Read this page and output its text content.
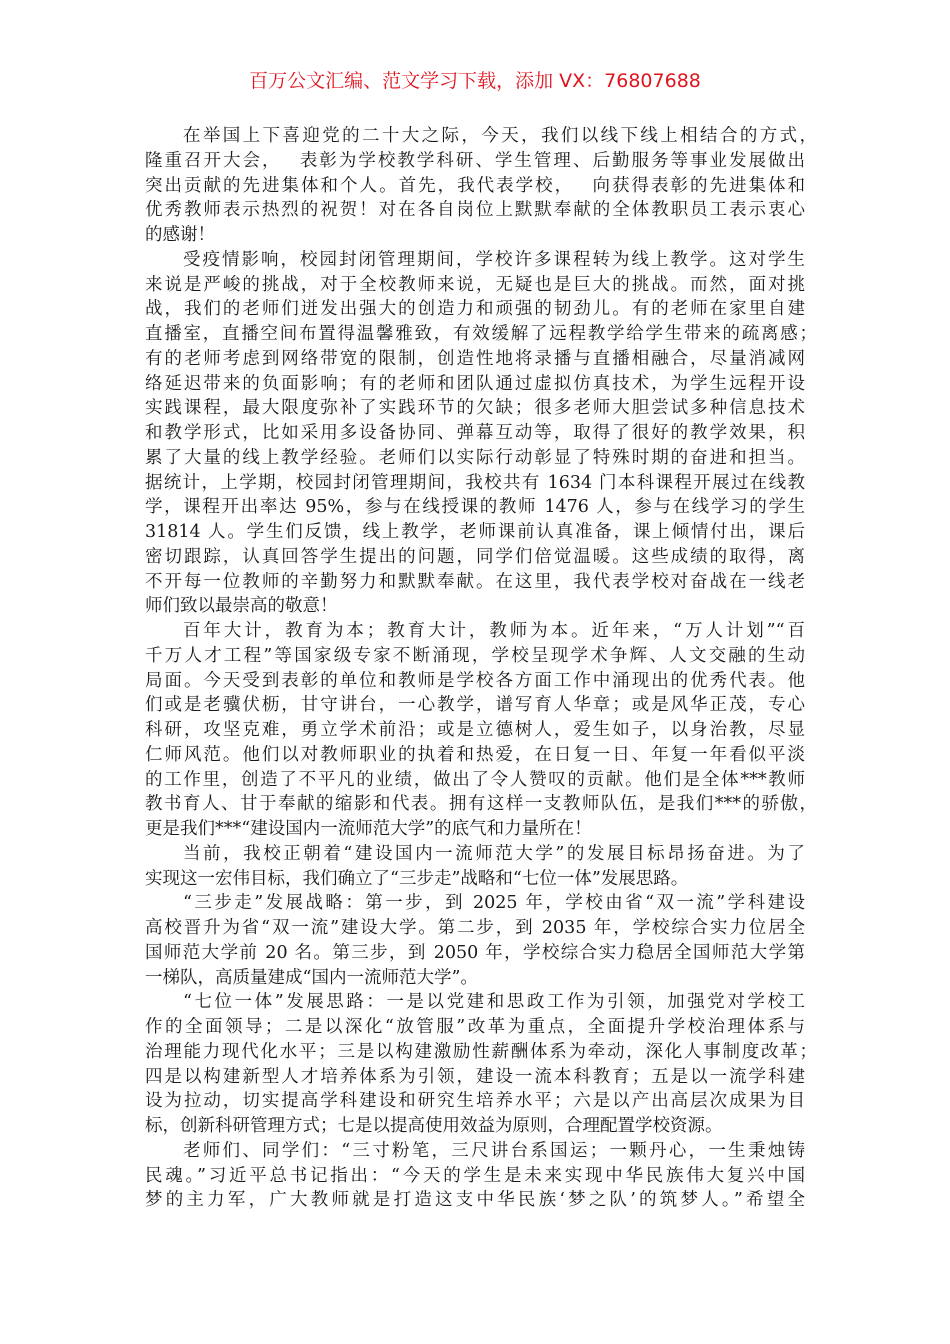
百万公文汇编、范文学习下载，添加 VX：76807688
在举国上下喜迎党的二十大之际，今天，我们以线下线上相结合的方式，
隆重召开大会，　 表彰为学校教学科研、学生管理、后勤服务等事业发展做出
突出贡献的先进集体和个人。首先，我代表学校，　 向获得表彰的先进集体和
优秀教师表示热烈的祝贺！对在各自岗位上默默奉献的全体教职员工表示衷心
的感谢！
受疫情影响，校园封闭管理期间，学校许多课程转为线上教学。这对学生
来说是严峻的挑战，对于全校教师来说，无疑也是巨大的挑战。而然，面对挑
战，我们的老师们迸发出强大的创造力和顽强的韧劲儿。有的老师在家里自建
直播室，直播空间布置得温馨雅致，有效缓解了远程教学给学生带来的疏离感；
有的老师考虑到网络带宽的限制，创造性地将录播与直播相融合，尽量消减网
络延迟带来的负面影响；有的老师和团队通过虚拟仿真技术，为学生远程开设
实践课程，最大限度弥补了实践环节的欠缺；很多老师大胆尝试多种信息技术
和教学形式，比如采用多设备协同、弹幕互动等，取得了很好的教学效果，积
累了大量的线上教学经验。老师们以实际行动彰显了特殊时期的奋进和担当。
据统计，上学期，校园封闭管理期间，我校共有 1634 门本科课程开展过在线教
学，课程开出率达 95%，参与在线授课的教师 1476 人，参与在线学习的学生
31814 人。学生们反馈，线上教学，老师课前认真准备，课上倾情付出，课后
密切跟踪，认真回答学生提出的问题，同学们倍觉温暖。这些成绩的取得，离
不开每一位教师的辛勤努力和默默奉献。在这里，我代表学校对奋战在一线老
师们致以最崇高的敬意！
百年大计，教育为本；教育大计，教师为本。近年来，“万人计划”“百
千万人才工程”等国家级专家不断涌现，学校呈现学术争辉、人文交融的生动
局面。今天受到表彰的单位和教师是学校各方面工作中涌现出的优秀代表。他
们或是老骥伏枥，甘守讲台，一心教学，谱写育人华章；或是风华正茂，专心
科研，攻坚克难，勇立学术前沿；或是立德树人，爱生如子，以身治教，尽显
仁师风范。他们以对教师职业的执着和热爱，在日复一日、年复一年看似平淡
的工作里，创造了不平凡的业绩，做出了令人赞叹的贡献。他们是全体***教师
教书育人、甘于奉献的缩影和代表。拥有这样一支教师队伍，是我们***的骄傲，
更是我们***“建设国内一流师范大学”的底气和力量所在！
当前，我校正朝着“建设国内一流师范大学”的发展目标昂扬奋进。为了
实现这一宏伟目标，我们确立了“三步走”战略和“七位一体”发展思路。
“三步走”发展战略：第一步，到 2025 年，学校由省“双一流”学科建设
高校晋升为省“双一流”建设大学。第二步，到 2035 年，学校综合实力位居全
国师范大学前 20 名。第三步，到 2050 年，学校综合实力稳居全国师范大学第
一梯队，高质量建成“国内一流师范大学”。
“七位一体”发展思路：一是以党建和思政工作为引领，加强党对学校工
作的全面领导；二是以深化“放管服”改革为重点，全面提升学校治理体系与
治理能力现代化水平；三是以构建激励性薪酬体系为牵动，深化人事制度改革；
四是以构建新型人才培养体系为引领，建设一流本科教育；五是以一流学科建
设为拉动，切实提高学科建设和研究生培养水平；六是以产出高层次成果为目
标，创新科研管理方式；七是以提高使用效益为原则，合理配置学校资源。
老师们、同学们：“三寸粉笔，三尺讲台系国运；一颗丹心，一生秉烛铸
民魂。”习近平总书记指出：“今天的学生是未来实现中华民族伟大复兴中国
梦的主力军，广大教师就是打造这支中华民族‘梦之队’的筑梦人。”希望全
